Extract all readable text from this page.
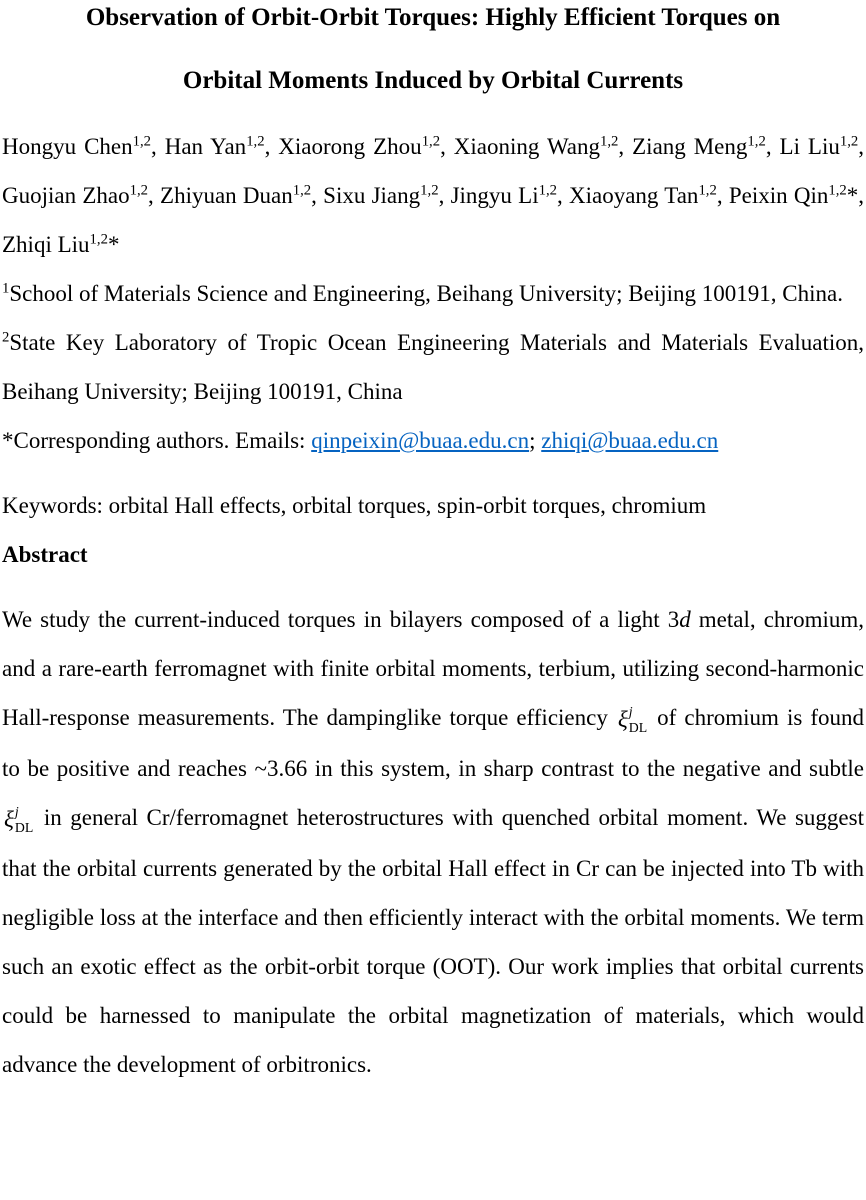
Observation of Orbit-Orbit Torques: Highly Efficient Torques on
Orbital Moments Induced by Orbital Currents

Hongyu Chen$^{1,2}$, Han Yan$^{1,2}$, Xiaorong Zhou$^{1,2}$, Xiaoning Wang$^{1,2}$, Ziang Meng$^{1,2}$, Li Liu$^{1,2}$, Guojian Zhao$^{1,2}$, Zhiyuan Duan$^{1,2}$, Sixu Jiang$^{1,2}$, Jingyu Li$^{1,2}$, Xiaoyang Tan$^{1,2}$, Peixin Qin$^{1,2}$*, Zhiqi Liu$^{1,2}$*

$^1$School of Materials Science and Engineering, Beihang University; Beijing 100191, China.

$^2$State Key Laboratory of Tropic Ocean Engineering Materials and Materials Evaluation, Beihang University; Beijing 100191, China

*Corresponding authors. Emails: qinpeixin@buaa.edu.cn; zhiqi@buaa.edu.cn

Keywords: orbital Hall effects, orbital torques, spin-orbit torques, chromium

Abstract

We study the current-induced torques in bilayers composed of a light 3d metal, chromium, and a rare-earth ferromagnet with finite orbital moments, terbium, utilizing second-harmonic Hall-response measurements. The dampinglike torque efficiency ξ j
DL of chromium is found to be positive and reaches ~3.66 in this system, in sharp contrast to the negative and subtle
ξ j
DL in general Cr/ferromagnet heterostructures with quenched orbital moment. We suggest that the orbital currents generated by the orbital Hall effect in Cr can be injected into Tb with negligible loss at the interface and then efficiently interact with the orbital moments. We term such an exotic effect as the orbit-orbit torque (OOT). Our work implies that orbital currents could be harnessed to manipulate the orbital magnetization of materials, which would advance the development of orbitronics.
